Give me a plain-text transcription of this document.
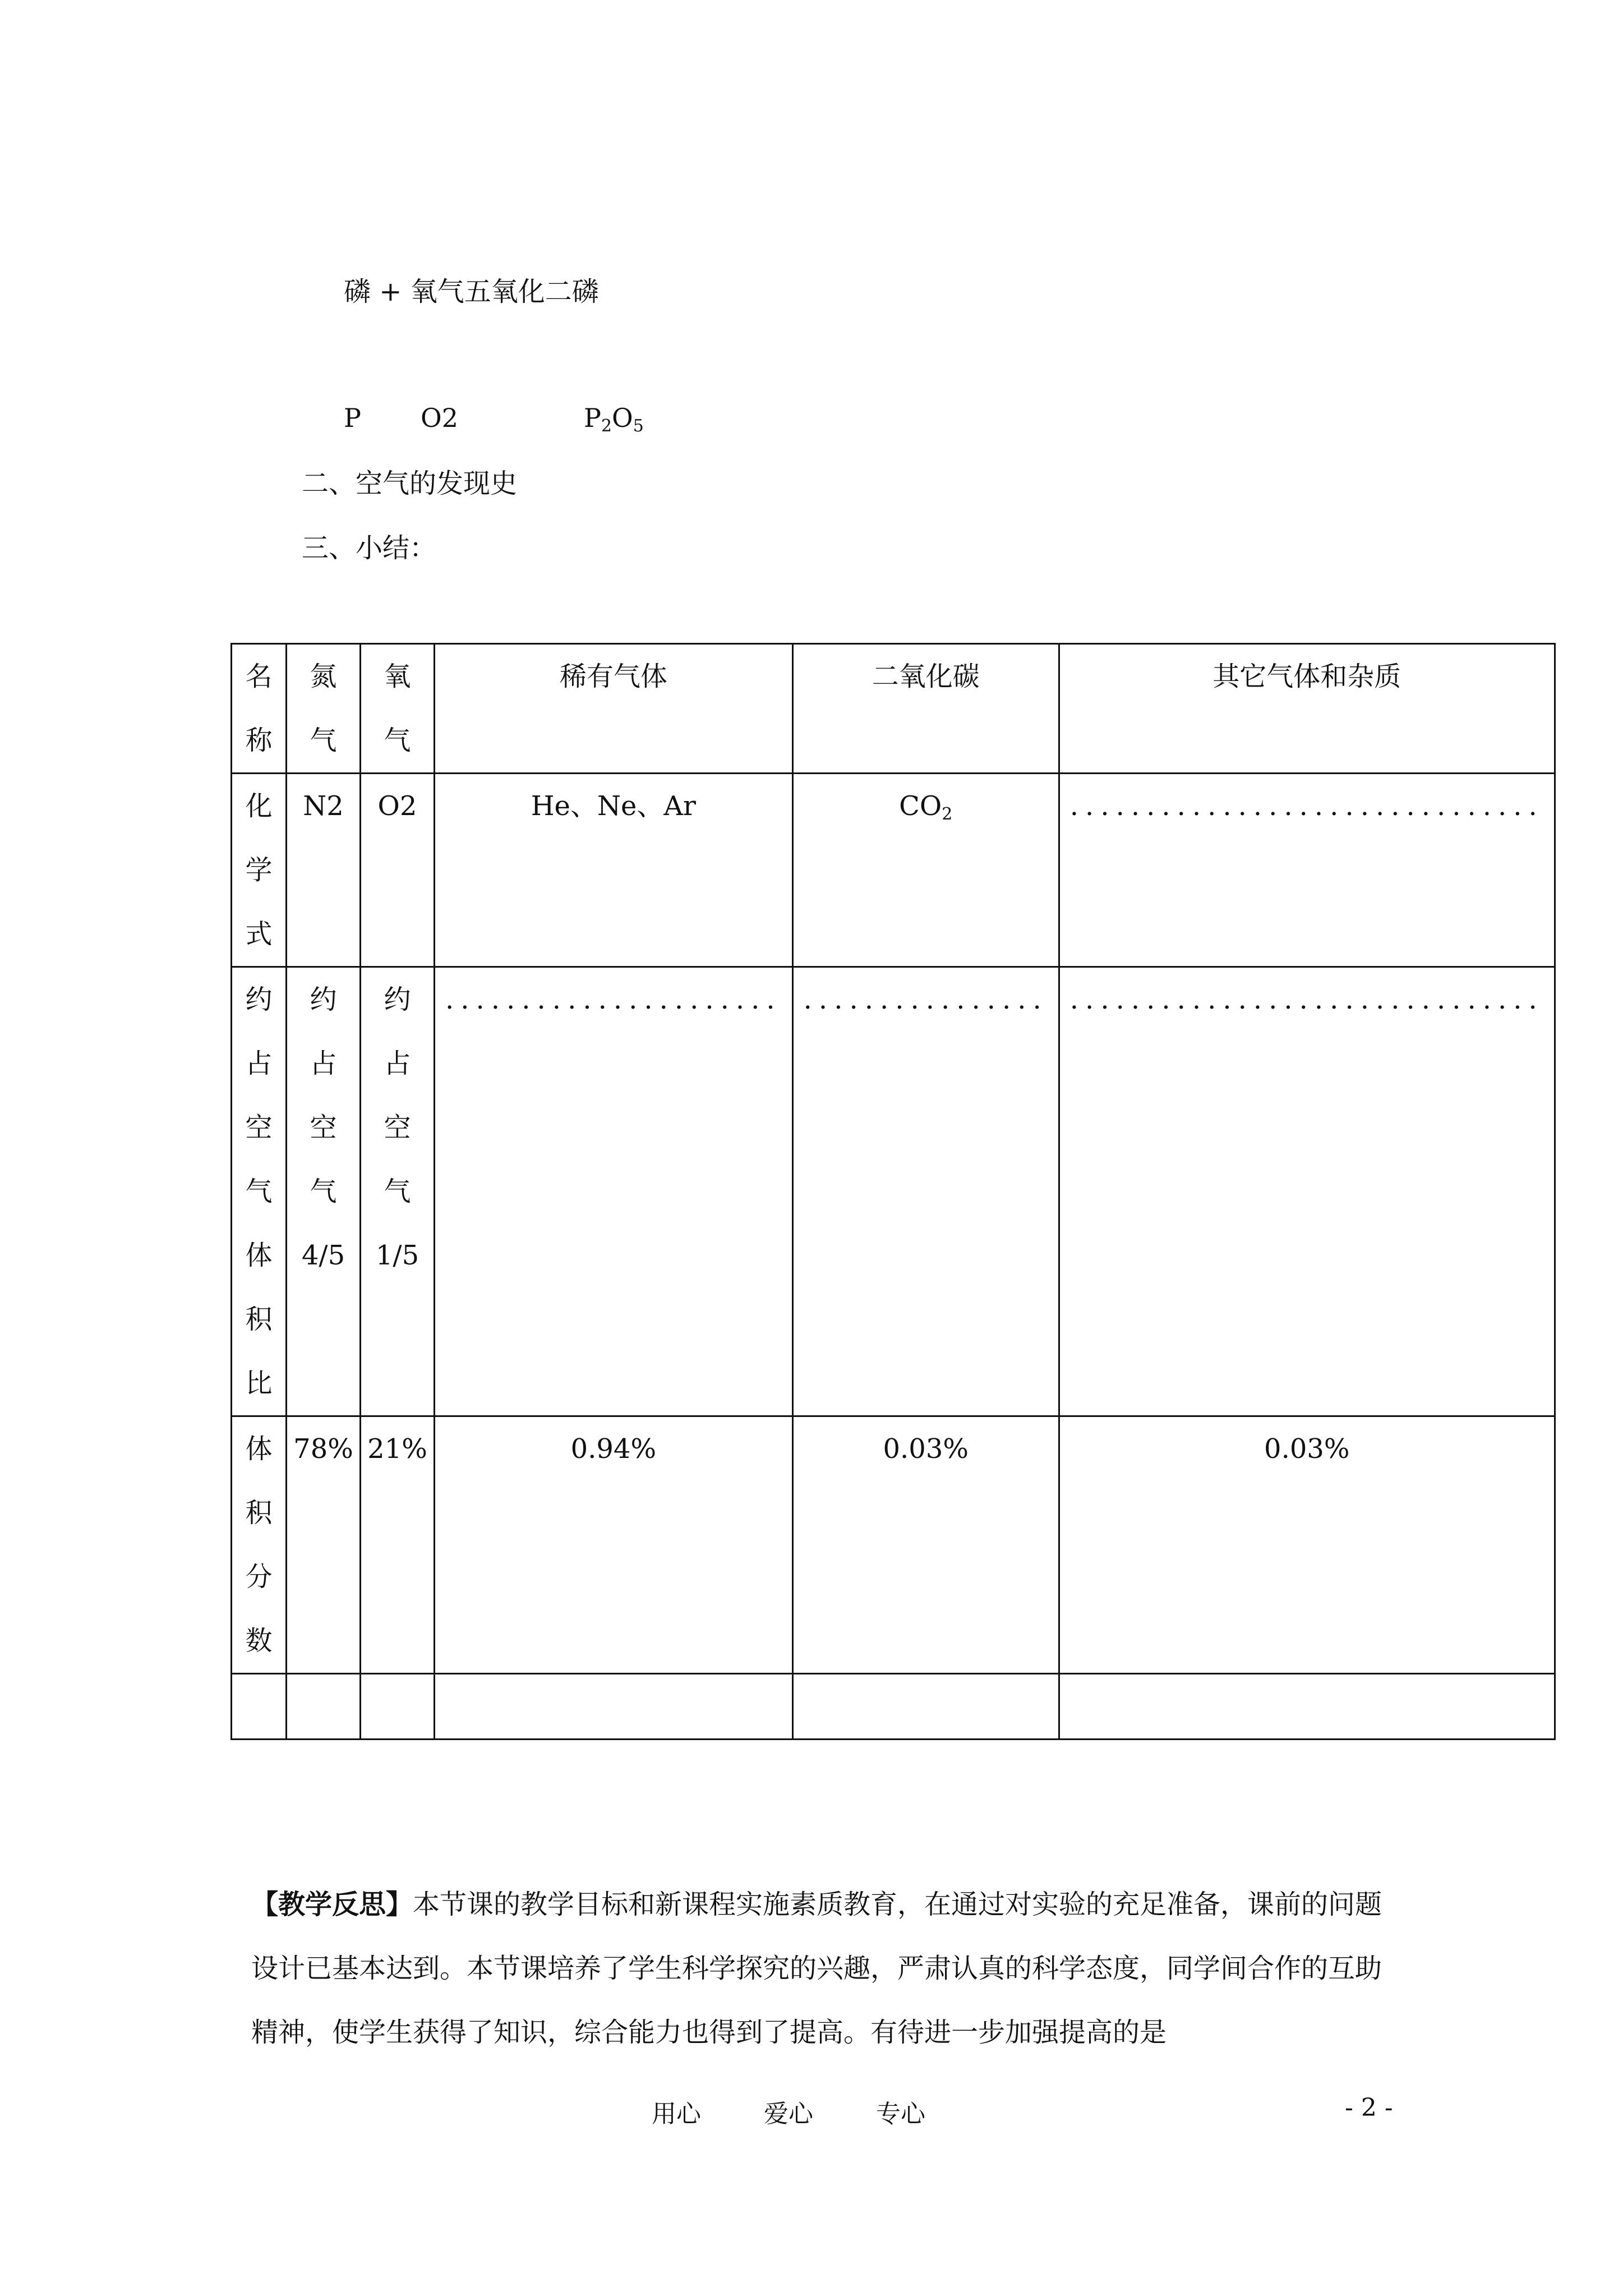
磷 + 氧气五氧化二磷
P O2	$P_2O_5$
二、空气的发现史
三、小结：
名称	氮气	氧气	稀有气体	二氧化碳	其它气体和杂质
化学式	N2	O2	He、Ne、Ar	$CO_2$	...............................
约占空气体积比	约占空气4/5	约占空气1/5	......................	................	...............................
体积分数	78%	21%	0.94%	0.03%	0.03%

【教学反思】本节课的教学目标和新课程实施素质教育，在通过对实验的充足准备，课前的问题设计已基本达到。本节课培养了学生科学探究的兴趣，严肃认真的科学态度，同学间合作的互助精神，使学生获得了知识，综合能力也得到了提高。有待进一步加强提高的是
用心	爱心	专心	- 2 -
